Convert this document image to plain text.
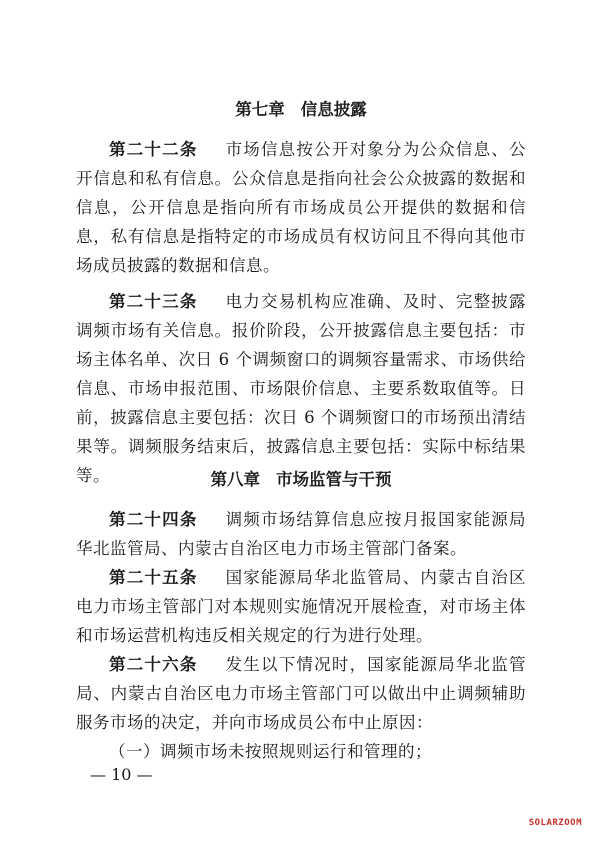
第七章 信息披露

第二十二条 市场信息按公开对象分为公众信息、公开信息和私有信息。公众信息是指向社会公众披露的数据和信息，公开信息是指向所有市场成员公开提供的数据和信息，私有信息是指特定的市场成员有权访问且不得向其他市场成员披露的数据和信息。

第二十三条 电力交易机构应准确、及时、完整披露调频市场有关信息。报价阶段，公开披露信息主要包括：市场主体名单、次日 6 个调频窗口的调频容量需求、市场供给信息、市场申报范围、市场限价信息、主要系数取值等。日前，披露信息主要包括：次日 6 个调频窗口的市场预出清结果等。调频服务结束后，披露信息主要包括：实际中标结果等。	第八章 市场监管与干预

第二十四条 调频市场结算信息应按月报国家能源局华北监管局、内蒙古自治区电力市场主管部门备案。

第二十五条 国家能源局华北监管局、内蒙古自治区电力市场主管部门对本规则实施情况开展检查，对市场主体和市场运营机构违反相关规定的行为进行处理。

第二十六条 发生以下情况时，国家能源局华北监管局、内蒙古自治区电力市场主管部门可以做出中止调频辅助服务市场的决定，并向市场成员公布中止原因：

（一）调频市场未按照规则运行和管理的；

— 10 —
SOLARZOOM
